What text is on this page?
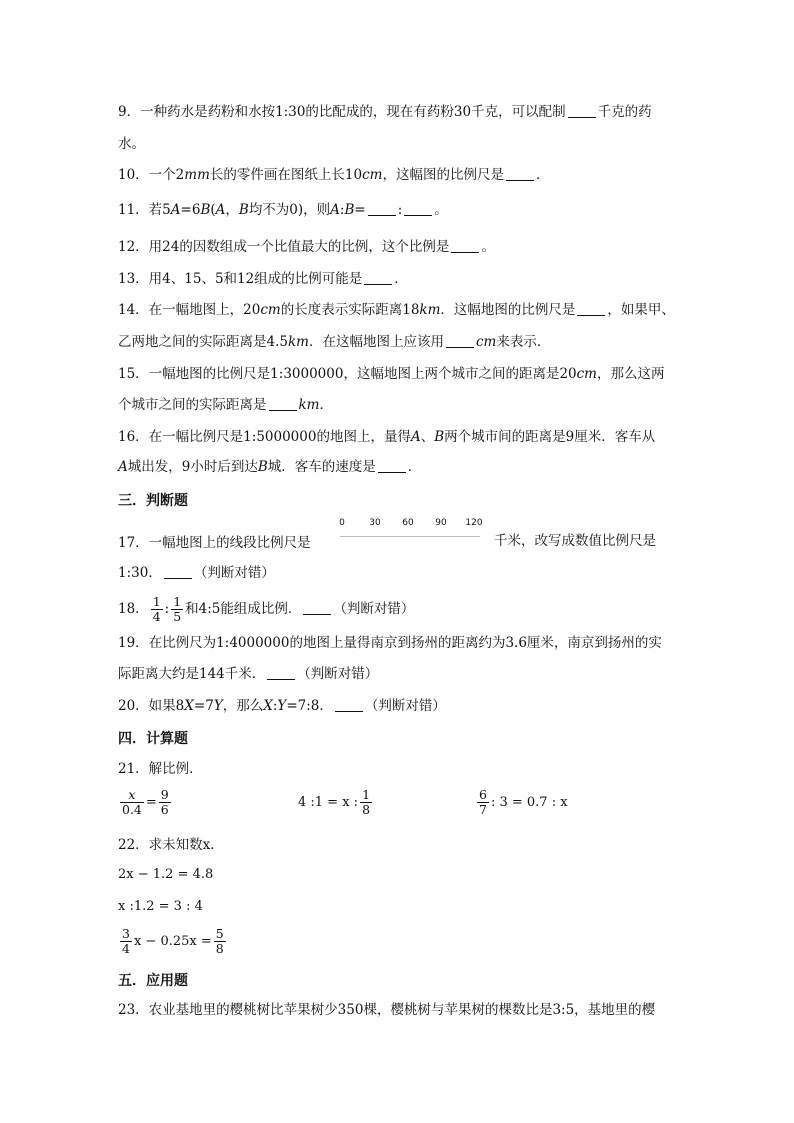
9．一种药水是药粉和水按1:30的比配成的，现在有药粉30千克，可以配制 千克的药
水。
10．一个2mm长的零件画在图纸上长10cm，这幅图的比例尺是 ．
11．若5A=6B(A，B均不为0)，则A:B= : 。
12．用24的因数组成一个比值最大的比例，这个比例是 。
13．用4、15、5和12组成的比例可能是 ．
14．在一幅地图上，20cm的长度表示实际距离18km．这幅地图的比例尺是 ，如果甲、
乙两地之间的实际距离是4.5km．在这幅地图上应该用 cm来表示．
15．一幅地图的比例尺是1:3000000，这幅地图上两个城市之间的距离是20cm，那么这两
个城市之间的实际距离是 km．
16．在一幅比例尺是1:5000000的地图上，量得A、B两个城市间的距离是9厘米．客车从
A城出发，9小时后到达B城．客车的速度是 ．
三．判断题
0	30 60 90 120
17．一幅地图上的线段比例尺是	千米，改写成数值比例尺是
1:30． （判断对错）
18． $\frac{1}{4}$ : $\frac{1}{5}$ 和4:5能组成比例． （判断对错）
19．在比例尺为1:4000000的地图上量得南京到扬州的距离约为3.6厘米，南京到扬州的实
际距离大约是144千米． （判断对错）
20．如果8X=7Y，那么X:Y=7:8． （判断对错）
四．计算题
21．解比例．
$\frac{x}{0.4} = \frac{9}{6}$	4 :1 = x : $\frac{1}{8}$	$\frac{6}{7}$ : 3 = 0.7 : x
22．求未知数x．
2x − 1.2 = 4.8
x :1.2 = 3 : 4
$\frac{3}{4}$ $x - 0.25x = \frac{5}{8}$
五．应用题
23．农业基地里的樱桃树比苹果树少350棵，樱桃树与苹果树的棵数比是3:5，基地里的樱
